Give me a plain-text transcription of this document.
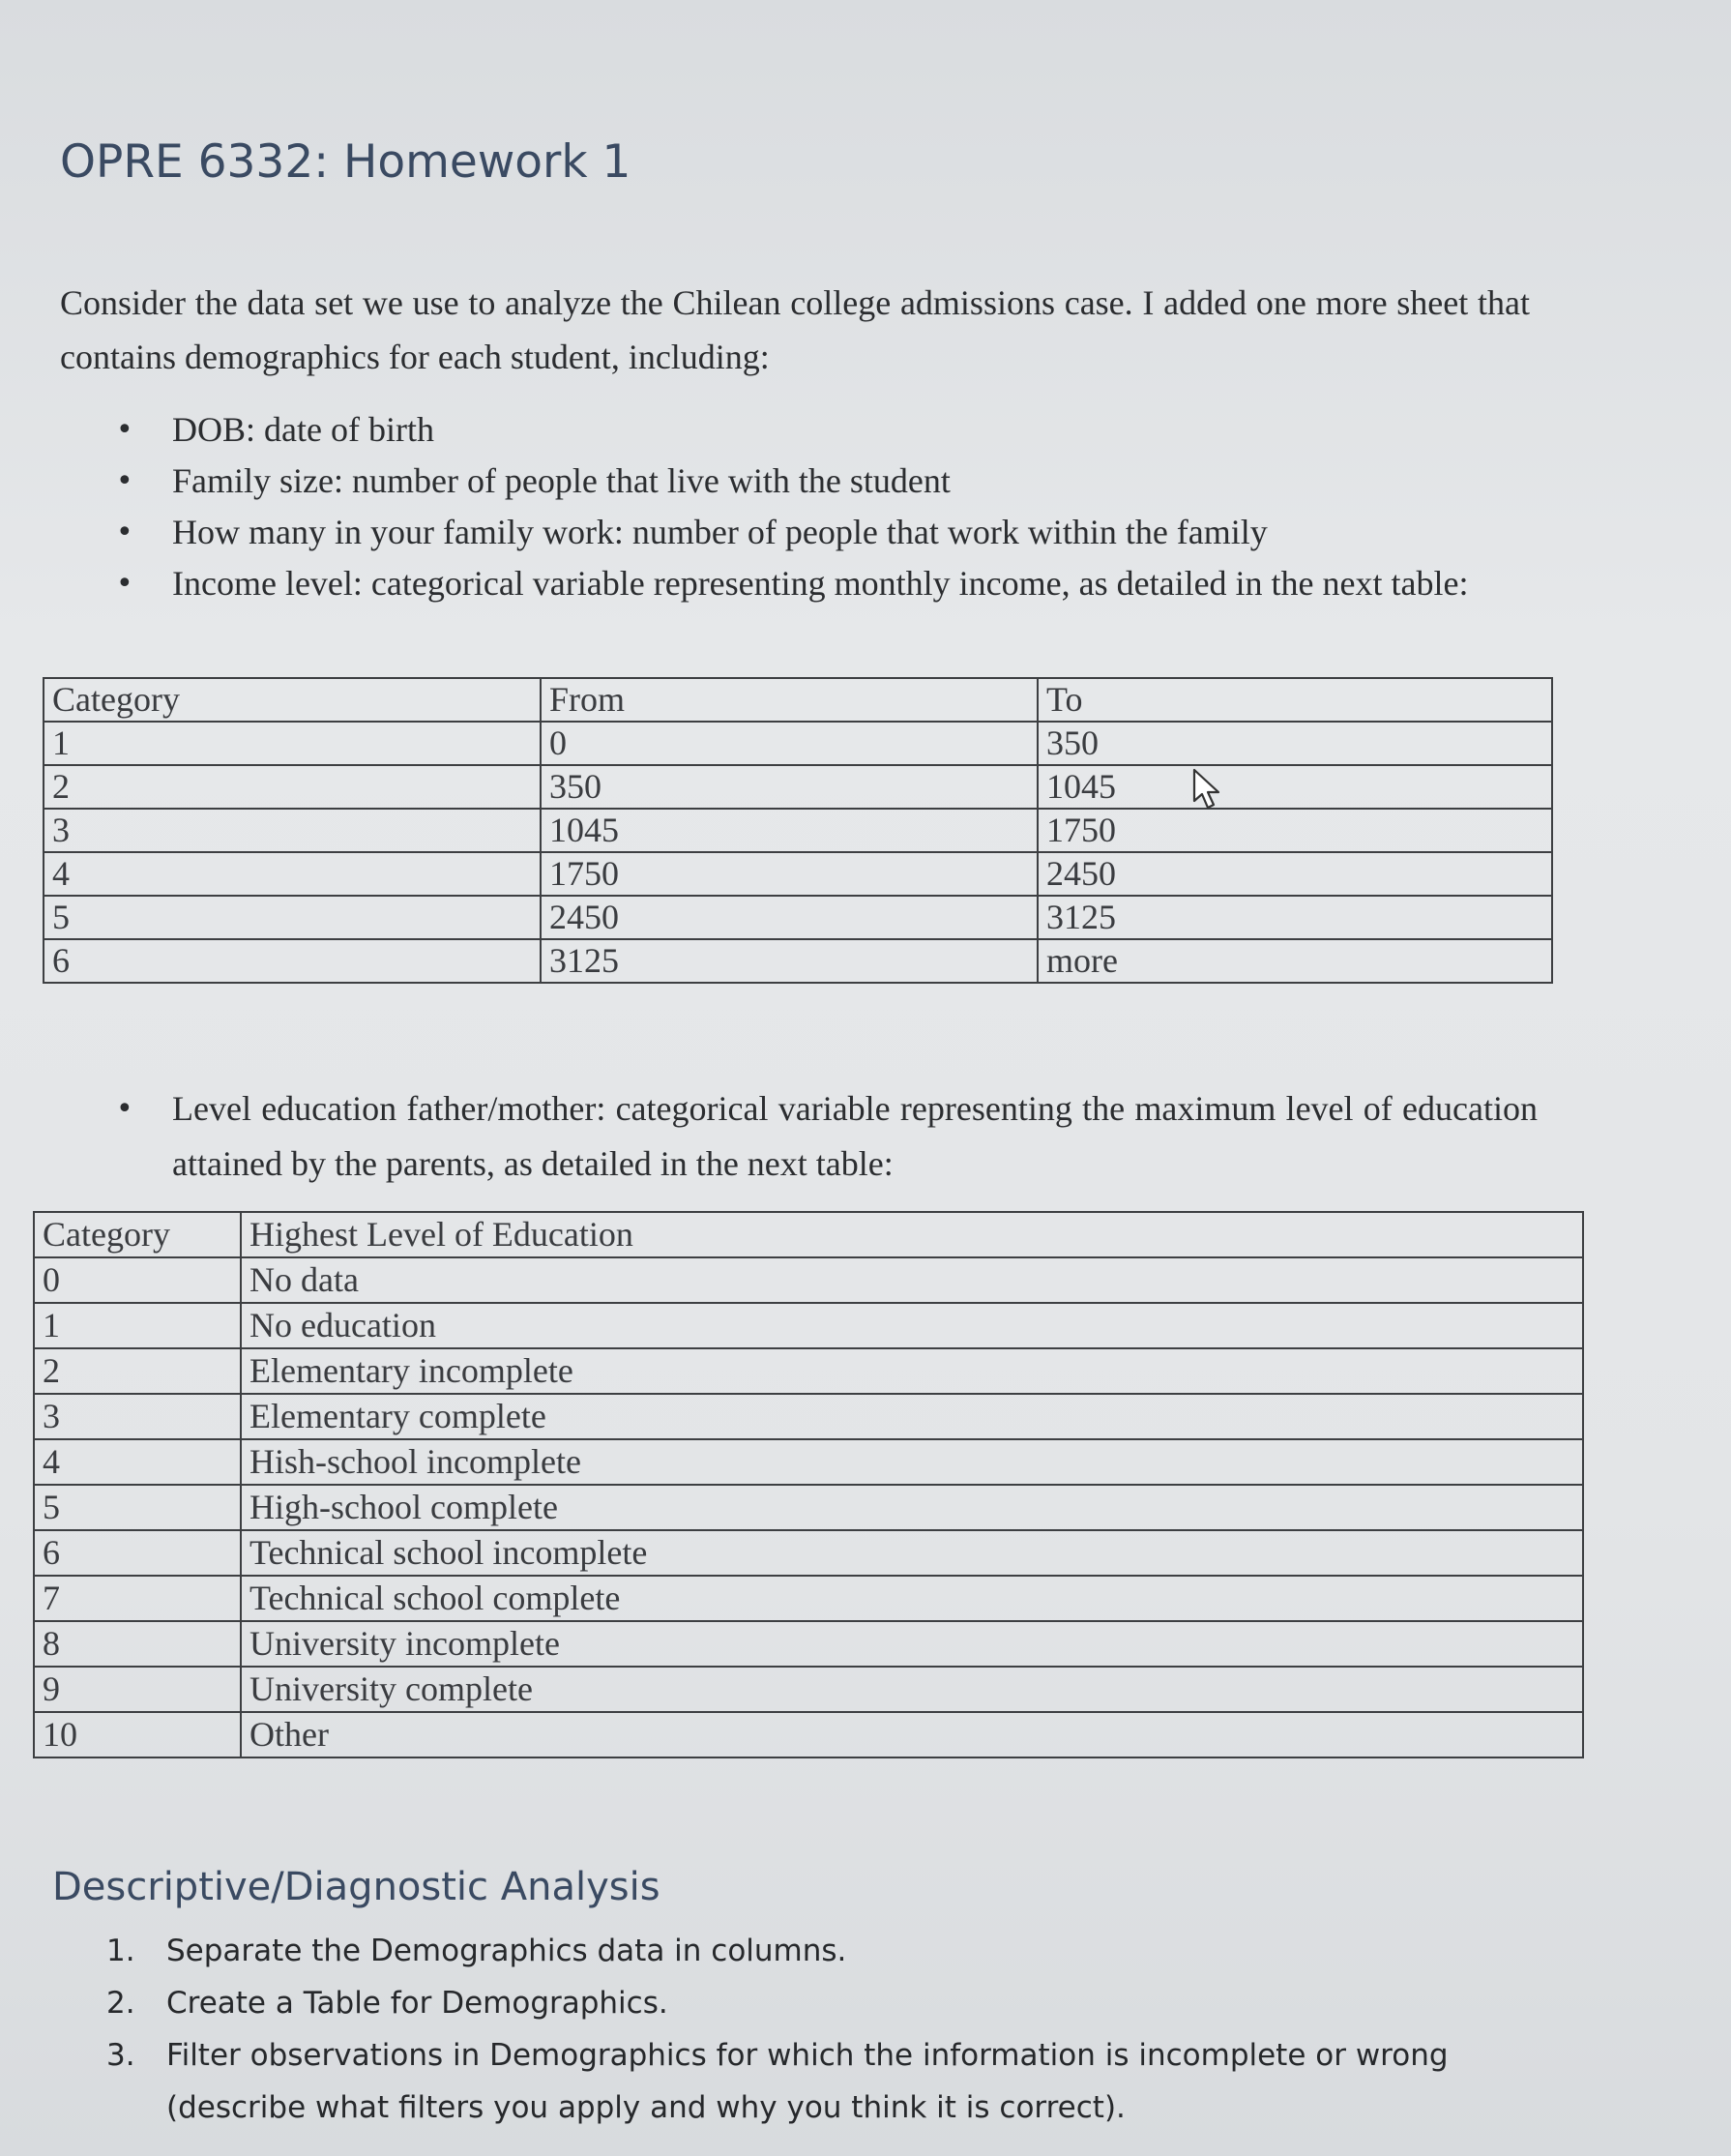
OPRE 6332: Homework 1

Consider the data set we use to analyze the Chilean college admissions case. I added one more sheet that contains demographics for each student, including:

• DOB: date of birth
• Family size: number of people that live with the student
• How many in your family work: number of people that work within the family
• Income level: categorical variable representing monthly income, as detailed in the next table:
Category	From	To
1	0	350
2	350	1045
3	1045	1750
4	1750	2450
5	2450	3125
6	3125	more
• Level education father/mother: categorical variable representing the maximum level of education attained by the parents, as detailed in the next table:
Category	Highest Level of Education
0	No data
1	No education
2	Elementary incomplete
3	Elementary complete
4	Hish-school incomplete
5	High-school complete
6	Technical school incomplete
7	Technical school complete
8	University incomplete
9	University complete
10	Other
Descriptive/Diagnostic Analysis
1. Separate the Demographics data in columns.
2. Create a Table for Demographics.
3. Filter observations in Demographics for which the information is incomplete or wrong (describe what filters you apply and why you think it is correct).
